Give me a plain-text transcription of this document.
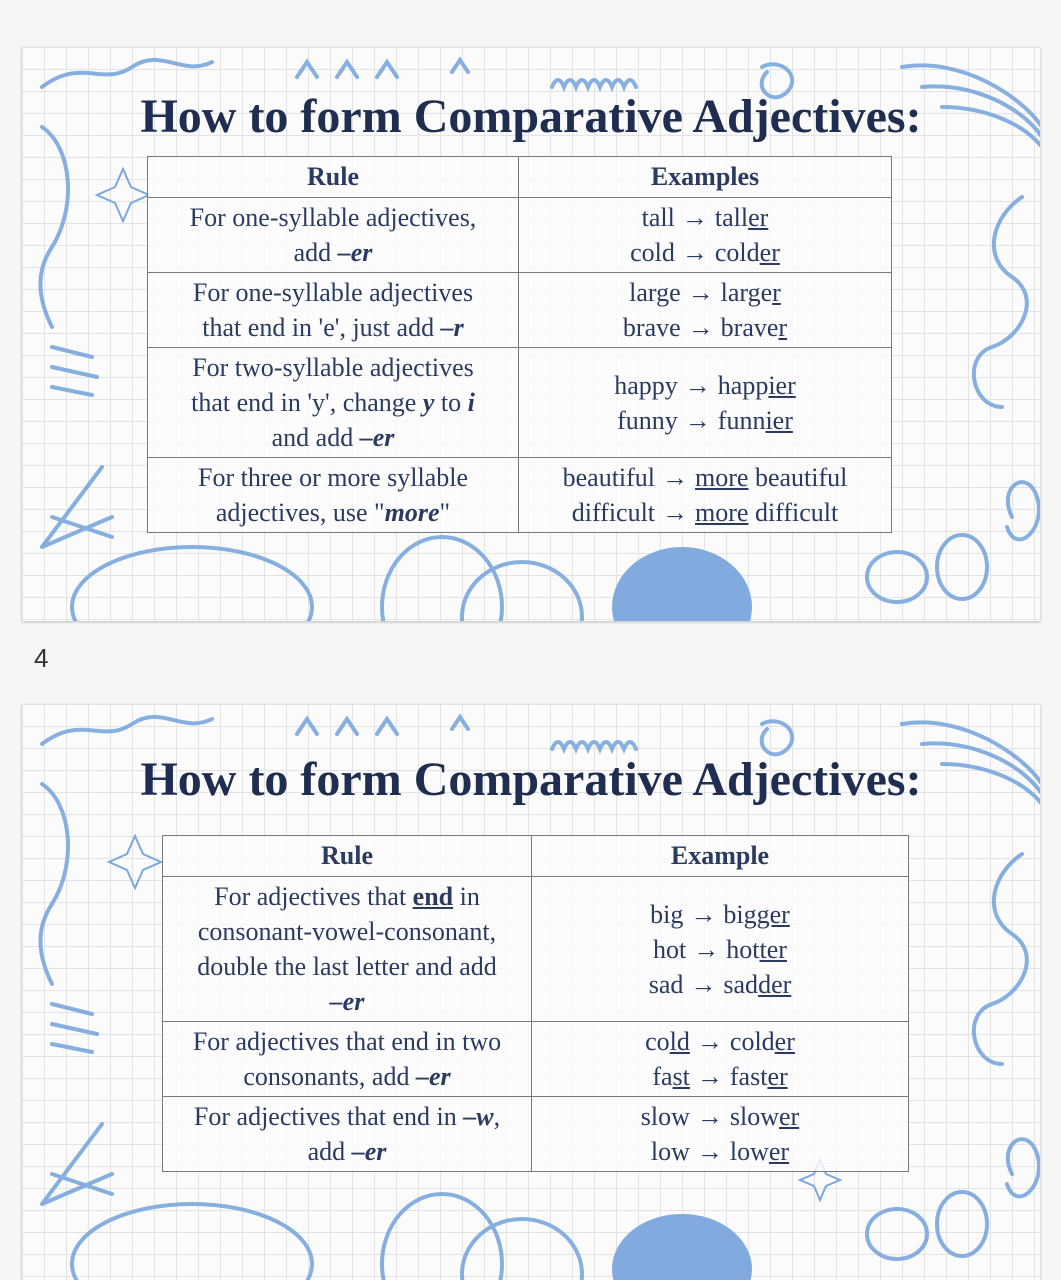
How to form Comparative Adjectives:
Rule	Examples

For one-syllable adjectives,
add –er	tall → taller
cold → colder

For one-syllable adjectives
that end in 'e', just add –r	large → larger
brave → braver

For two-syllable adjectives
that end in 'y', change y to i
and add –er	happy → happier
funny → funnier

For three or more syllable
adjectives, use "more"	beautiful → more beautiful
difficult → more difficult
4
How to form Comparative Adjectives:
Rule	Example

For adjectives that end in
consonant-vowel-consonant,
double the last letter and add
–er	big → bigger
hot → hotter
sad → sadder

For adjectives that end in two
consonants, add –er	cold → colder
fast → faster

For adjectives that end in –w,
add –er	slow → slower
low → lower
